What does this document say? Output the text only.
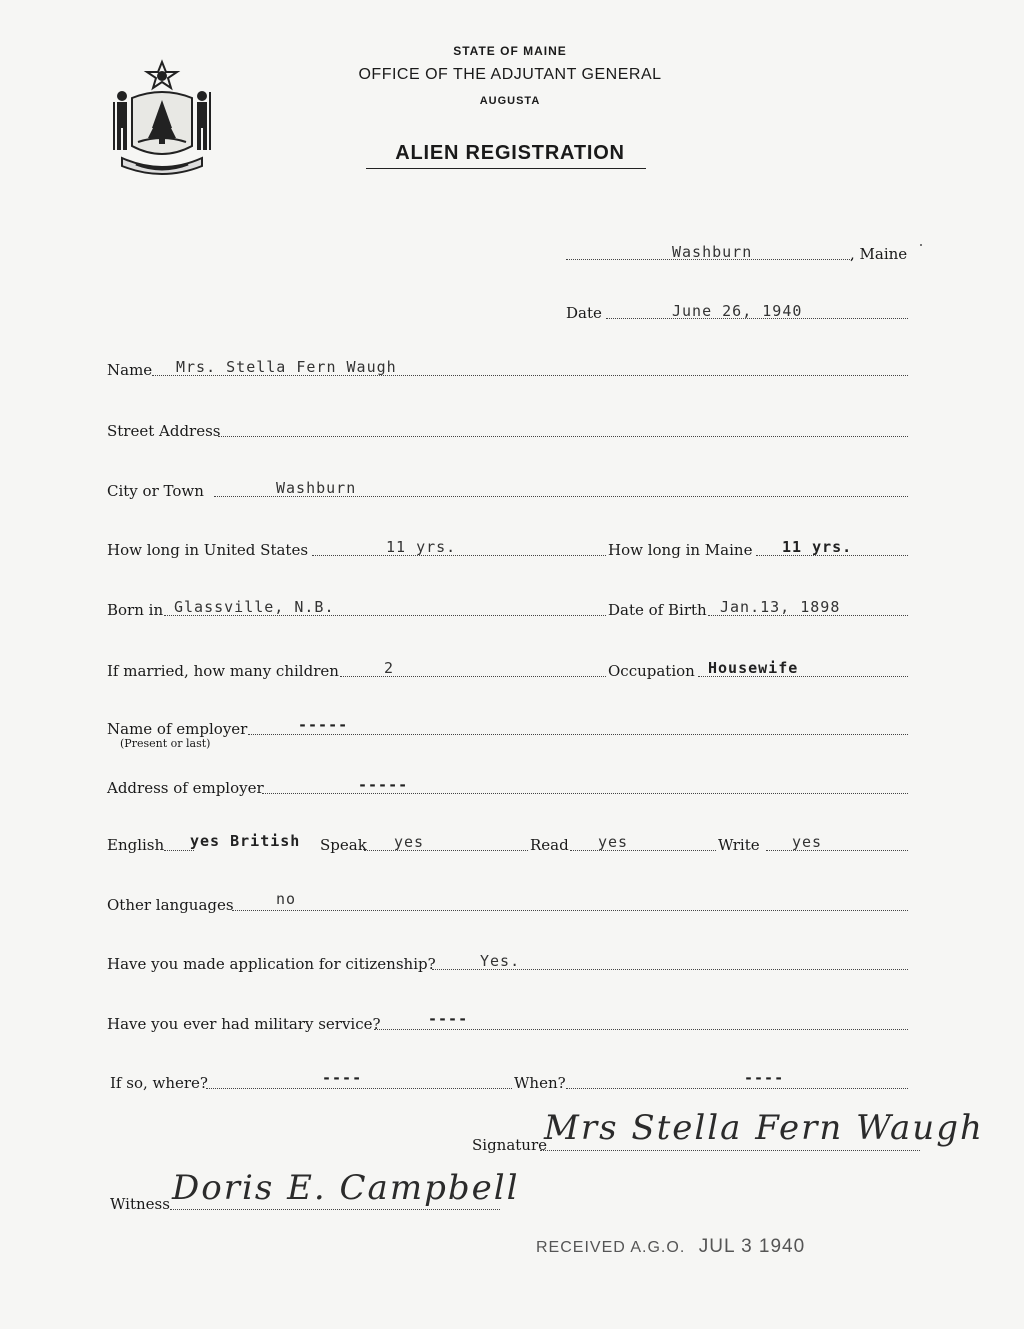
STATE OF MAINE
OFFICE OF THE ADJUTANT GENERAL
AUGUSTA
ALIEN REGISTRATION
Washburn	, Maine
Date	June 26, 1940
Name Mrs. Stella Fern Waugh
Street Address
City or Town	Washburn
How long in United States	11 yrs.	How long in Maine 11 yrs.
Born in Glassville, N.B.	Date of Birth Jan.13, 1898
If married, how many children	2	Occupation Housewife
Name of employer
(Present or last)
-----
Address of employer	-----
English yes British Speak yes	Read yes	Write yes
Other languages	no
Have you made application for citizenship?	Yes.
Have you ever had military service?	----
If so, where?	----	When?	----
Signature
Mrs Stella Fern Waugh
Witness Doris E. Campbell
RECEIVED A.G.O. JUL 3 1940
